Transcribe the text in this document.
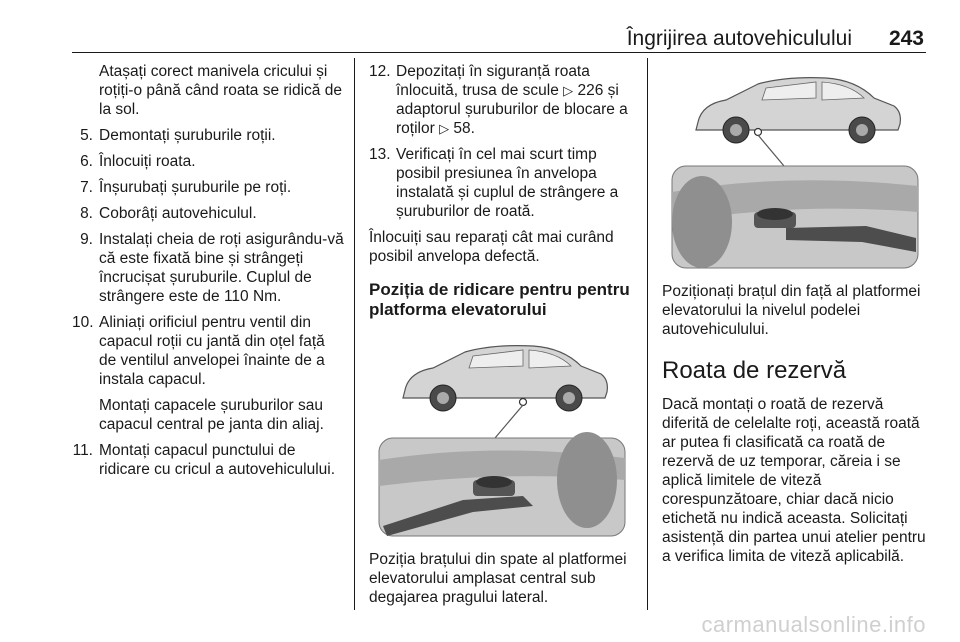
Îngrijirea autovehiculului 243

Atașați corect manivela cricului și roțiți-o până când roata se ridică de la sol.

5. Demontați șuruburile roții.
6. Înlocuiți roata.
7. Înșurubați șuruburile pe roți.
8. Coborâți autovehiculul.
9. Instalați cheia de roți asigurându-vă că este fixată bine și strângeți încrucișat șuruburile. Cuplul de strângere este de 110 Nm.
10. Aliniați orificiul pentru ventil din capacul roții cu jantă din oțel față de ventilul anvelopei înainte de a instala capacul.

Montați capacele șuruburilor sau capacul central pe janta din aliaj.

11. Montați capacul punctului de ridicare cu cricul a autovehiculului.
12. Depozitați în siguranță roata înlocuită, trusa de scule ▷ 226 și adaptorul șuruburilor de blocare a roților ▷ 58.
13. Verificați în cel mai scurt timp posibil presiunea în anvelopa instalată și cuplul de strângere a șuruburilor de roată.

Înlocuiți sau reparați cât mai curând posibil anvelopa defectă.

Poziția de ridicare pentru pentru platforma elevatorului

Poziția brațului din spate al platformei elevatorului amplasat central sub degajarea pragului lateral.

Poziționați brațul din față al platformei elevatorului la nivelul podelei autovehiculului.

Roata de rezervă

Dacă montați o roată de rezervă diferită de celelalte roți, această roată ar putea fi clasificată ca roată de rezervă de uz temporar, căreia i se aplică limitele de viteză corespunzătoare, chiar dacă nicio etichetă nu indică aceasta. Solicitați asistență din partea unui atelier pentru a verifica limita de viteză aplicabilă.

carmanualsonline.info
